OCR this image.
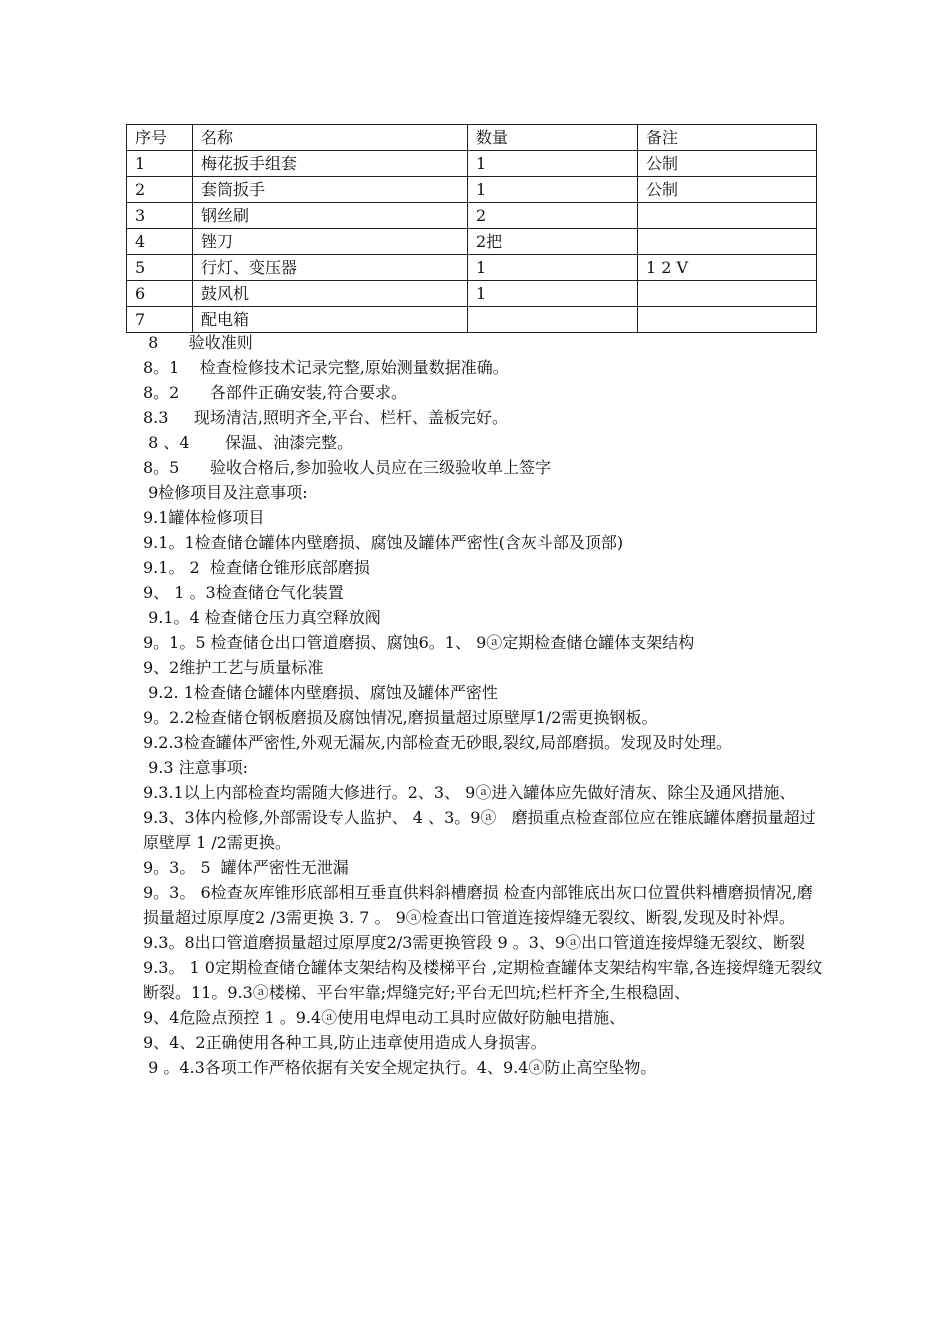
序号	名称	数量	备注
1	梅花扳手组套	1	公制
2	套筒扳手	1	公制
3	钢丝刷	2	
4	锉刀	2把	
5	行灯、变压器	1	1 2 V
6	鼓风机	1	
7	配电箱		
8      验收准则
8。1    检查检修技术记录完整,原始测量数据准确。
8。2      各部件正确安装,符合要求。
8.3     现场清洁,照明齐全,平台、栏杆、盖板完好。
8 、4       保温、油漆完整。
8。5      验收合格后,参加验收人员应在三级验收单上签字
9检修项目及注意事项:
9.1罐体检修项目
9.1。1检查储仓罐体内壁磨损、腐蚀及罐体严密性(含灰斗部及顶部)
9.1。 2  检查储仓锥形底部磨损
9、 1 。3检查储仓气化装置
9.1。4 检查储仓压力真空释放阀
9。1。5 检查储仓出口管道磨损、腐蚀6。1、 9ⓐ定期检查储仓罐体支架结构
9、2维护工艺与质量标准
9.2. 1检查储仓罐体内壁磨损、腐蚀及罐体严密性
9。2.2检查储仓钢板磨损及腐蚀情况,磨损量超过原壁厚1/2需更换钢板。
9.2.3检查罐体严密性,外观无漏灰,内部检查无砂眼,裂纹,局部磨损。发现及时处理。
9.3 注意事项:
9.3.1以上内部检查均需随大修进行。2、3、 9ⓐ进入罐体应先做好清灰、除尘及通风措施、
9.3、3体内检修,外部需设专人监护、 4 、3。9ⓐ   磨损重点检查部位应在锥底罐体磨损量超过原壁厚 1 /2需更换。
9。3。 5  罐体严密性无泄漏
9。3。 6检查灰库锥形底部相互垂直供料斜槽磨损 检查内部锥底出灰口位置供料槽磨损情况,磨损量超过原厚度2 /3需更换 3. 7 。 9ⓐ检查出口管道连接焊缝无裂纹、断裂,发现及时补焊。
9.3。8出口管道磨损量超过原厚度2/3需更换管段 9 。3、9ⓐ出口管道连接焊缝无裂纹、断裂
9.3。 1 0定期检查储仓罐体支架结构及楼梯平台 ,定期检查罐体支架结构牢靠,各连接焊缝无裂纹断裂。11。9.3ⓐ楼梯、平台牢靠;焊缝完好;平台无凹坑;栏杆齐全,生根稳固、
9、4危险点预控 1 。9.4ⓐ使用电焊电动工具时应做好防触电措施、
9、4、2正确使用各种工具,防止违章使用造成人身损害。
9 。4.3各项工作严格依据有关安全规定执行。4、9.4ⓐ防止高空坠物。
